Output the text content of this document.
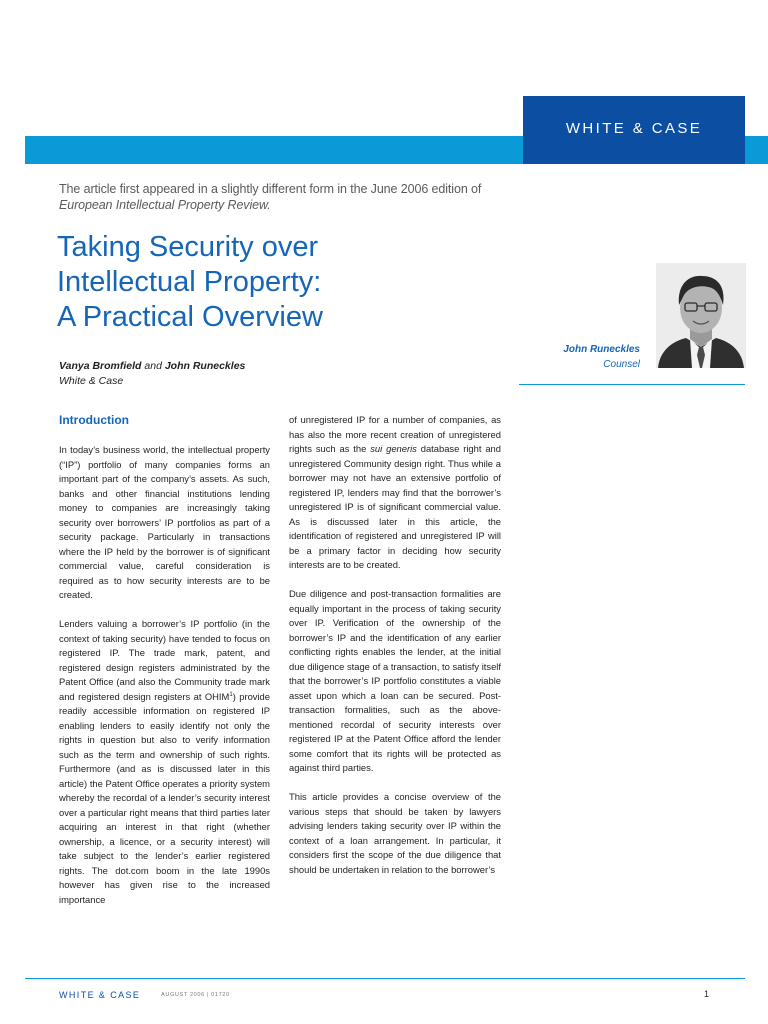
WHITE & CASE
The article first appeared in a slightly different form in the June 2006 edition of
European Intellectual Property Review.
Taking Security over
Intellectual Property:
A Practical Overview
Vanya Bromfield and John Runeckles
White & Case
John Runeckles
Counsel
Introduction

In today’s business world, the intellectual property (“IP”) portfolio of many companies forms an important part of the company’s assets. As such, banks and other financial institutions lending money to companies are increasingly taking security over borrowers’ IP portfolios as part of a security package. Particularly in transactions where the IP held by the borrower is of significant commercial value, careful consideration is required as to how security interests are to be created.

Lenders valuing a borrower’s IP portfolio (in the context of taking security) have tended to focus on registered IP. The trade mark, patent, and registered design registers administrated by the Patent Office (and also the Community trade mark and registered design registers at OHIM$^1$) provide readily accessible information on registered IP enabling lenders to easily identify not only the rights in question but also to verify information such as the term and ownership of such rights. Furthermore (and as is discussed later in this article) the Patent Office operates a priority system whereby the recordal of a lender’s security interest over a particular right means that third parties later acquiring an interest in that right (whether ownership, a licence, or a security interest) will take subject to the lender’s earlier registered rights. The dot.com boom in the late 1990s however has given rise to the increased importance

of unregistered IP for a number of companies, as has also the more recent creation of unregistered rights such as the sui generis database right and unregistered Community design right. Thus while a borrower may not have an extensive portfolio of registered IP, lenders may find that the borrower’s unregistered IP is of significant commercial value. As is discussed later in this article, the identification of registered and unregistered IP will be a primary factor in deciding how security interests are to be created.

Due diligence and post-transaction formalities are equally important in the process of taking security over IP. Verification of the ownership of the borrower’s IP and the identification of any earlier conflicting rights enables the lender, at the initial due diligence stage of a transaction, to satisfy itself that the borrower’s IP portfolio constitutes a viable asset upon which a loan can be secured. Post-transaction formalities, such as the above-mentioned recordal of security interests over registered IP at the Patent Office afford the lender some comfort that its rights will be protected as against third parties.

This article provides a concise overview of the various steps that should be taken by lawyers advising lenders taking security over IP within the context of a loan arrangement. In particular, it considers first the scope of the due diligence that should be undertaken in relation to the borrower’s

WHITE & CASE	AUGUST 2006 | 01720	1
